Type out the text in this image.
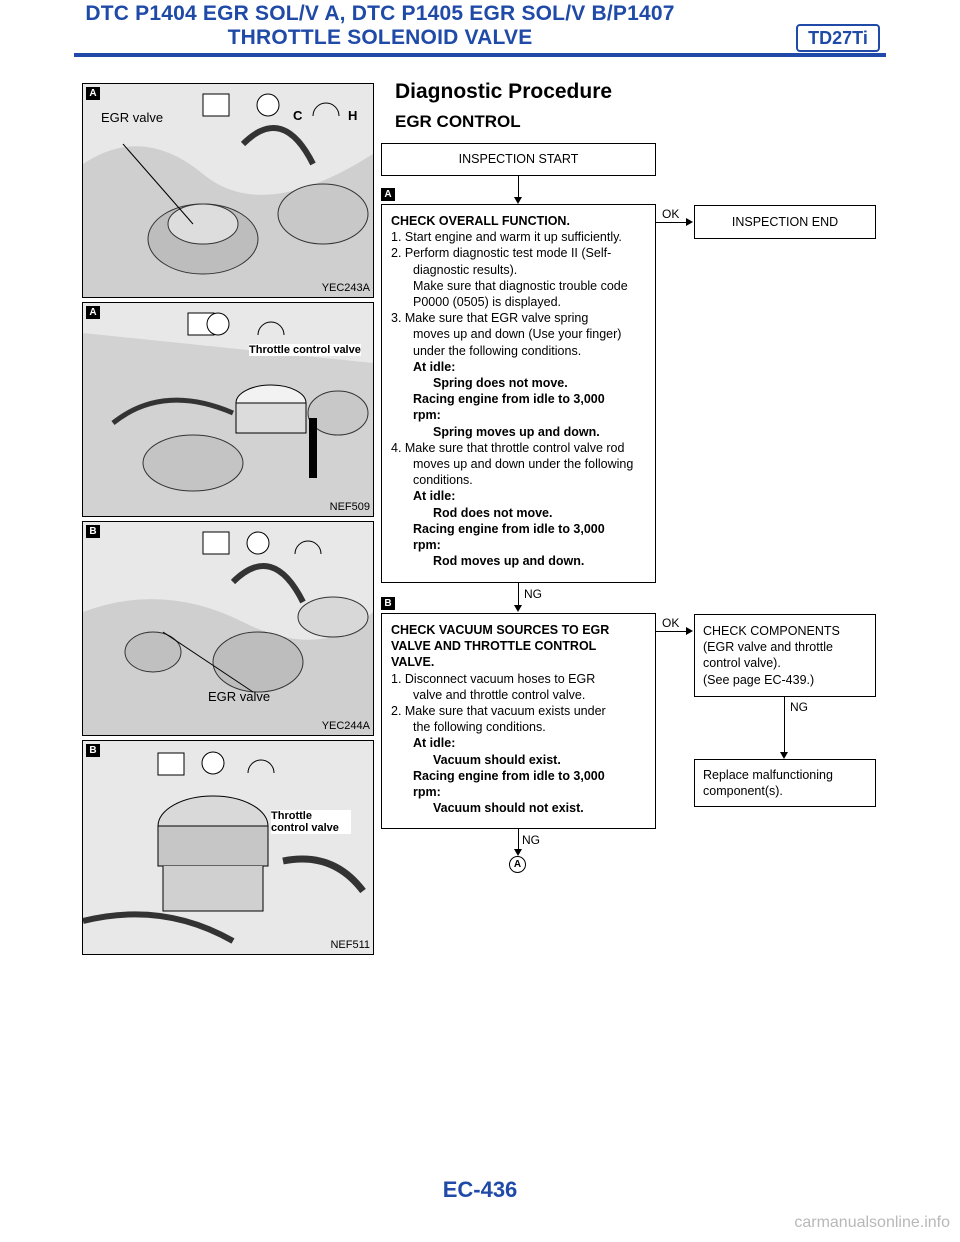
DTC P1404 EGR SOL/V A, DTC P1405 EGR SOL/V B/P1407
THROTTLE SOLENOID VALVE	TD27Ti
A
EGR valve	C	H
YEC243A
A
Throttle control valve
NEF509
B
EGR valve
YEC244A
B
Throttle control valve
NEF511
Diagnostic Procedure
EGR CONTROL
INSPECTION START
A
CHECK OVERALL FUNCTION.
1. Start engine and warm it up sufficiently.
2. Perform diagnostic test mode II (Self-
diagnostic results).
Make sure that diagnostic trouble code
P0000 (0505) is displayed.
3. Make sure that EGR valve spring
moves up and down (Use your finger)
under the following conditions.
At idle:
Spring does not move.
Racing engine from idle to 3,000
rpm:
Spring moves up and down.
4. Make sure that throttle control valve rod
moves up and down under the following
conditions.
At idle:
Rod does not move.
Racing engine from idle to 3,000
rpm:
Rod moves up and down.
OK
INSPECTION END
NG
B
CHECK VACUUM SOURCES TO EGR
VALVE AND THROTTLE CONTROL
VALVE.
1. Disconnect vacuum hoses to EGR
valve and throttle control valve.
2. Make sure that vacuum exists under
the following conditions.
At idle:
Vacuum should exist.
Racing engine from idle to 3,000
rpm:
Vacuum should not exist.
OK
CHECK COMPONENTS
(EGR valve and throttle
control valve).
(See page EC-439.)
NG
Replace malfunctioning
component(s).
NG
A
EC-436
carmanualsonline.info
